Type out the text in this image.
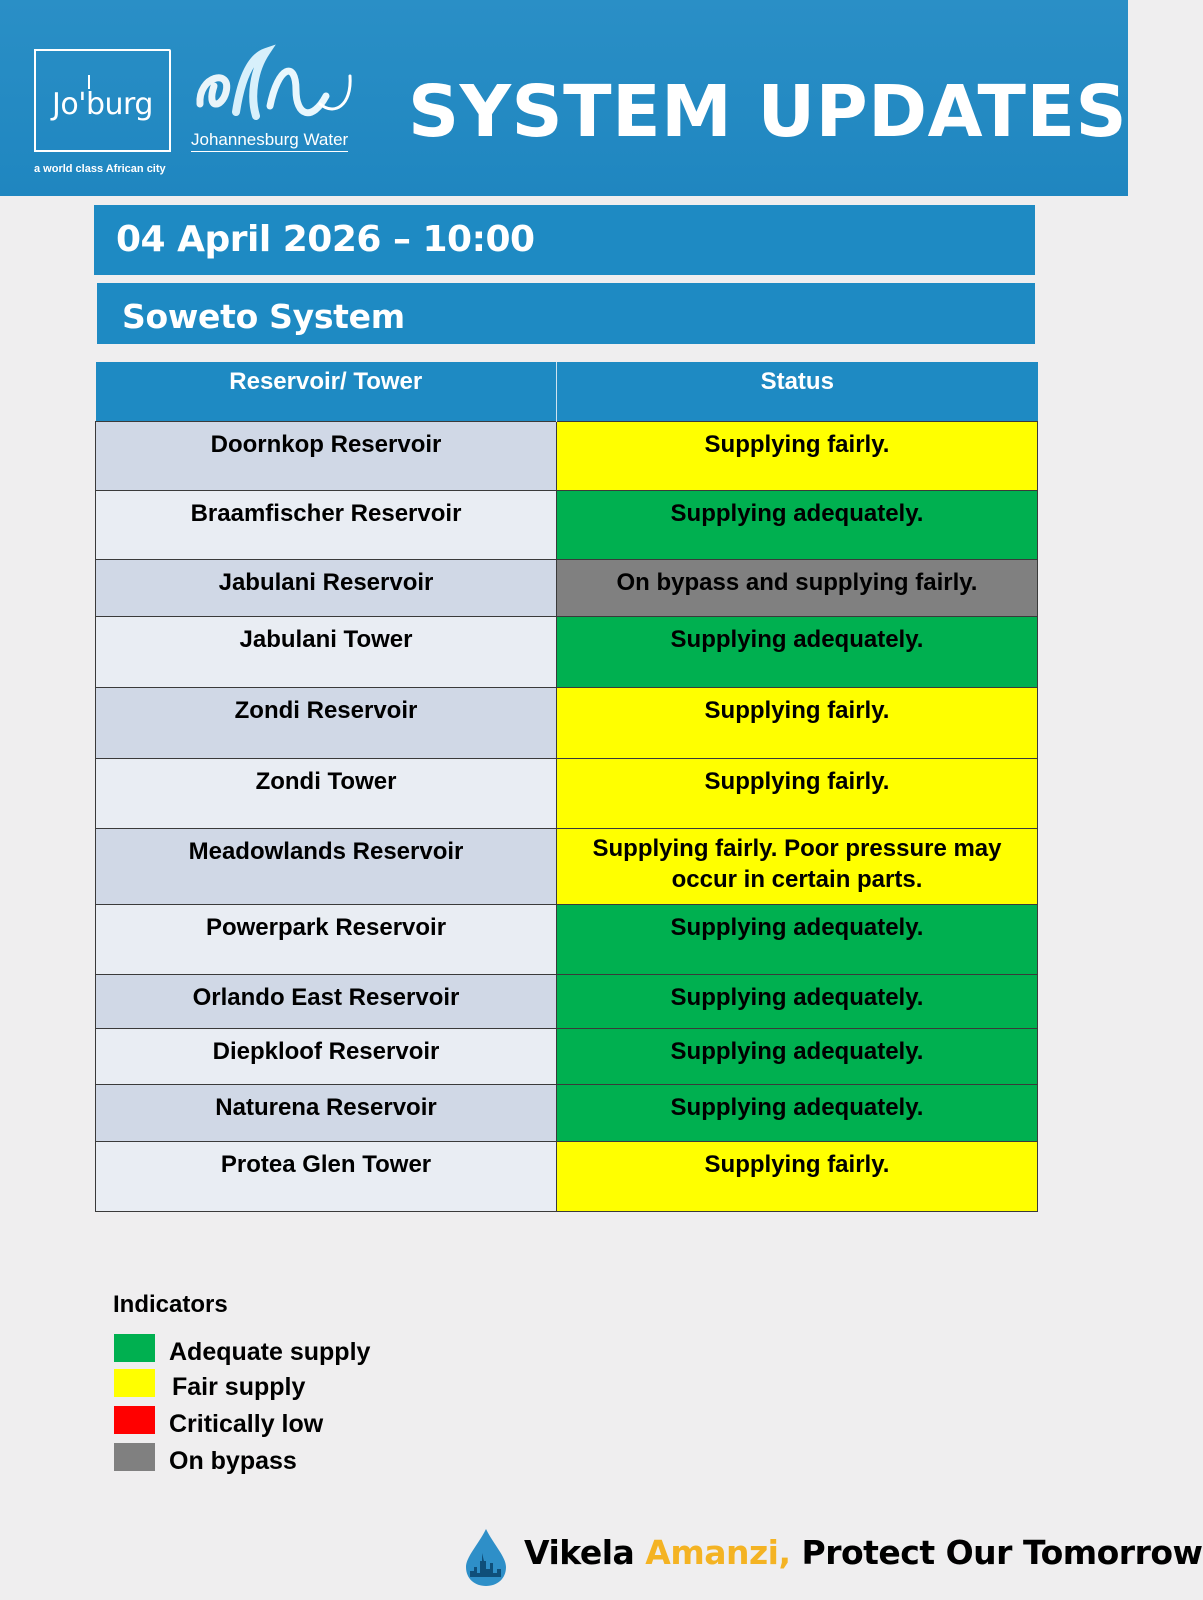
Jo'burg
a world class African city
Johannesburg Water SYSTEM UPDATES
04 April 2026 – 10:00
Soweto System
Reservoir/ Tower	Status
Doornkop Reservoir	Supplying fairly.
Braamfischer Reservoir	Supplying adequately.
Jabulani Reservoir	On bypass and supplying fairly.
Jabulani Tower	Supplying adequately.
Zondi Reservoir	Supplying fairly.
Zondi Tower	Supplying fairly.
Meadowlands Reservoir	Supplying fairly. Poor pressure may occur in certain parts.
Powerpark Reservoir	Supplying adequately.
Orlando East Reservoir	Supplying adequately.
Diepkloof Reservoir	Supplying adequately.
Naturena Reservoir	Supplying adequately.
Protea Glen Tower	Supplying fairly.
Indicators
Adequate supply
Fair supply
Critically low
On bypass
Vikela Amanzi, Protect Our Tomorrow
